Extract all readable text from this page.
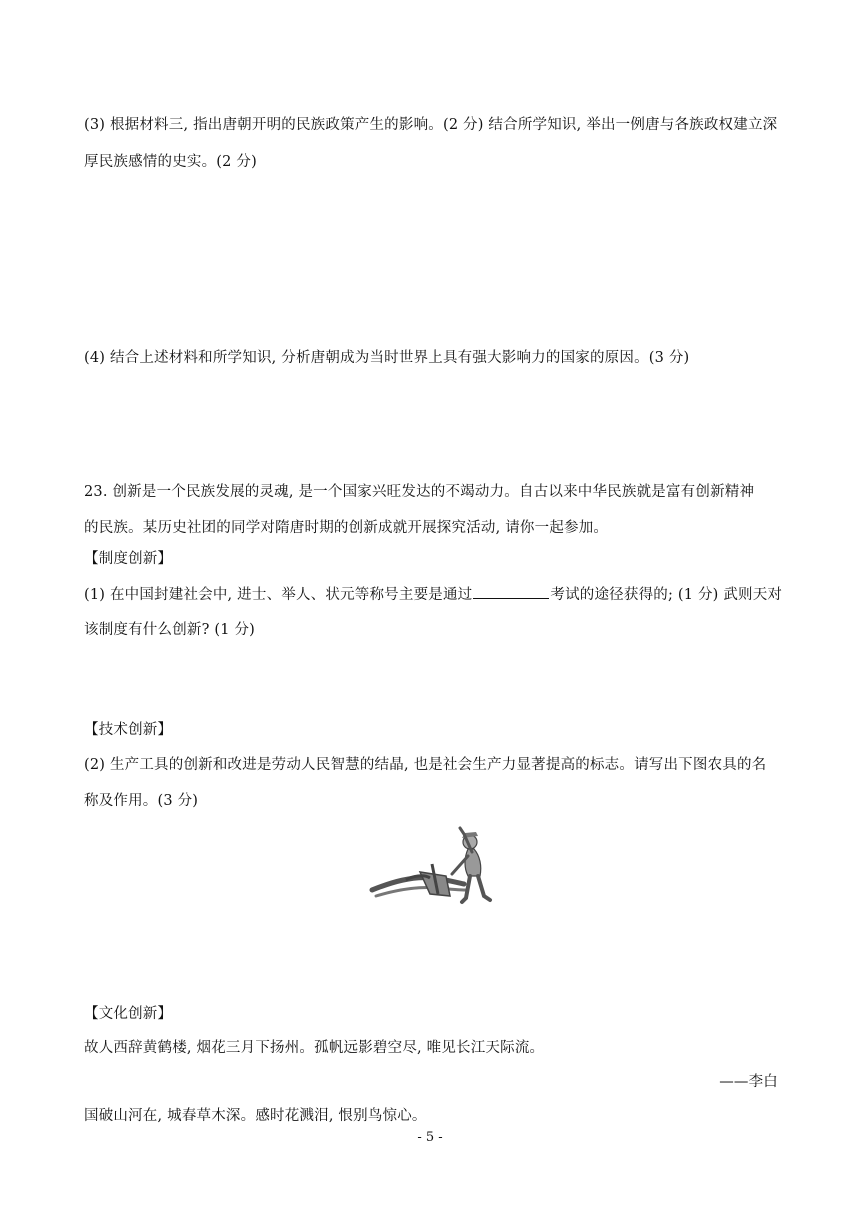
(3) 根据材料三, 指出唐朝开明的民族政策产生的影响。(2 分) 结合所学知识, 举出一例唐与各族政权建立深
厚民族感情的史实。(2 分)
(4) 结合上述材料和所学知识, 分析唐朝成为当时世界上具有强大影响力的国家的原因。(3 分)
23. 创新是一个民族发展的灵魂, 是一个国家兴旺发达的不竭动力。自古以来中华民族就是富有创新精神
的民族。某历史社团的同学对隋唐时期的创新成就开展探究活动, 请你一起参加。
【制度创新】
(1) 在中国封建社会中, 进士、举人、状元等称号主要是通过	考试的途径获得的; (1 分) 武则天对
该制度有什么创新? (1 分)
【技术创新】
(2) 生产工具的创新和改进是劳动人民智慧的结晶, 也是社会生产力显著提高的标志。请写出下图农具的名
称及作用。(3 分)
【文化创新】
故人西辞黄鹤楼, 烟花三月下扬州。孤帆远影碧空尽, 唯见长江天际流。
——李白
国破山河在, 城春草木深。感时花溅泪, 恨别鸟惊心。
- 5 -
